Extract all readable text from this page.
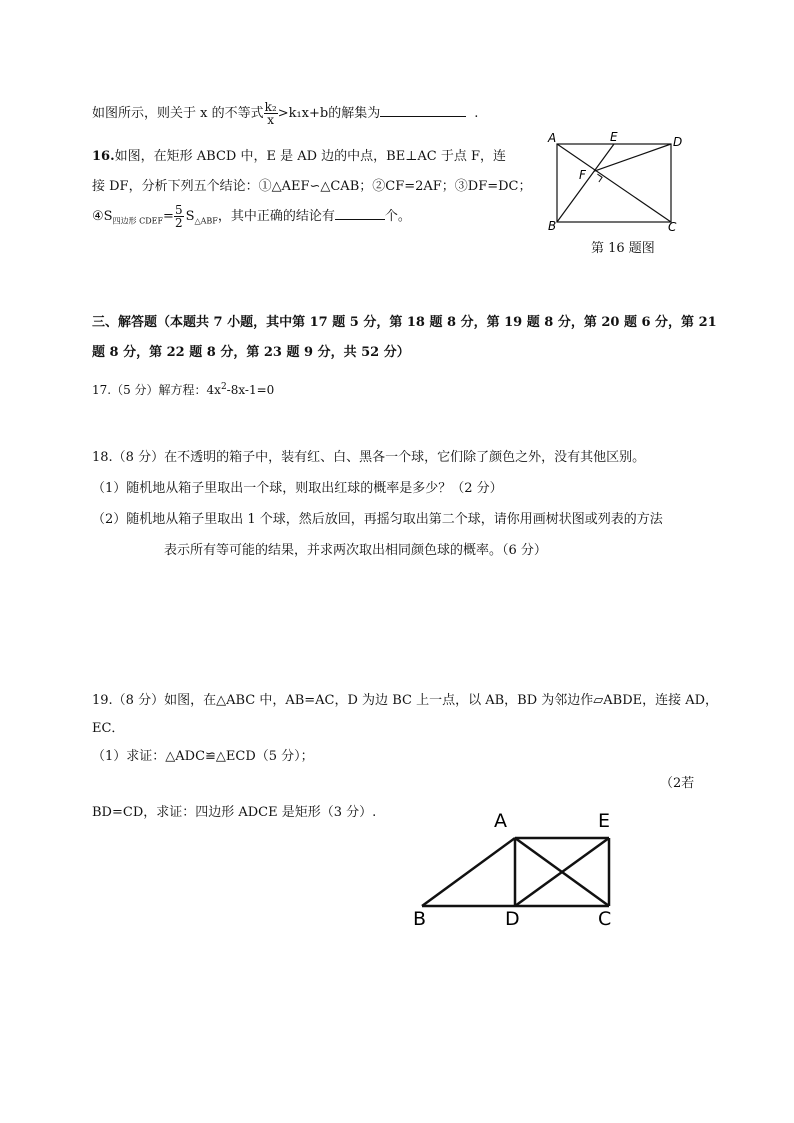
如图所示，则关于 x 的不等式 $\frac{\text{k₂}}{x} >k_1x+b$的解集为	.
16.如图，在矩形 ABCD 中，E 是 AD 边的中点，BE⊥AC 于点 F，连
接 DF，分析下列五个结论：①△AEF∽△CAB；②CF=2AF；③DF=DC；
$④S_{四边形 CDEF}= \frac{5}{2} S_{\triangle ABF}$，其中正确的结论有	个。
A	E	D
F
B	C
第 16 题图
三、解答题（本题共 7 小题，其中第 17 题 5 分，第 18 题 8 分，第 19 题 8 分，第 20 题 6 分，第 21
题 8 分，第 22 题 8 分，第 23 题 9 分，共 52 分）
17.（5 分）解方程：$4x^2-8x-1=0$
18.（8 分）在不透明的箱子中，装有红、白、黑各一个球，它们除了颜色之外，没有其他区别。
（1）随机地从箱子里取出一个球，则取出红球的概率是多少？（2 分）
（2）随机地从箱子里取出 1 个球，然后放回，再摇匀取出第二个球，请你用画树状图或列表的方法
表示所有等可能的结果，并求两次取出相同颜色球的概率。（6 分）
19.（8 分）如图，在△ABC 中，AB=AC，D 为边 BC 上一点，以 AB，BD 为邻边作▱ABDE，连接 AD，
EC．
（1）求证：△ADC≌△ECD（5 分）；
（2若
BD=CD，求证：四边形 ADCE 是矩形（3 分）.	A	E
B	D	C
